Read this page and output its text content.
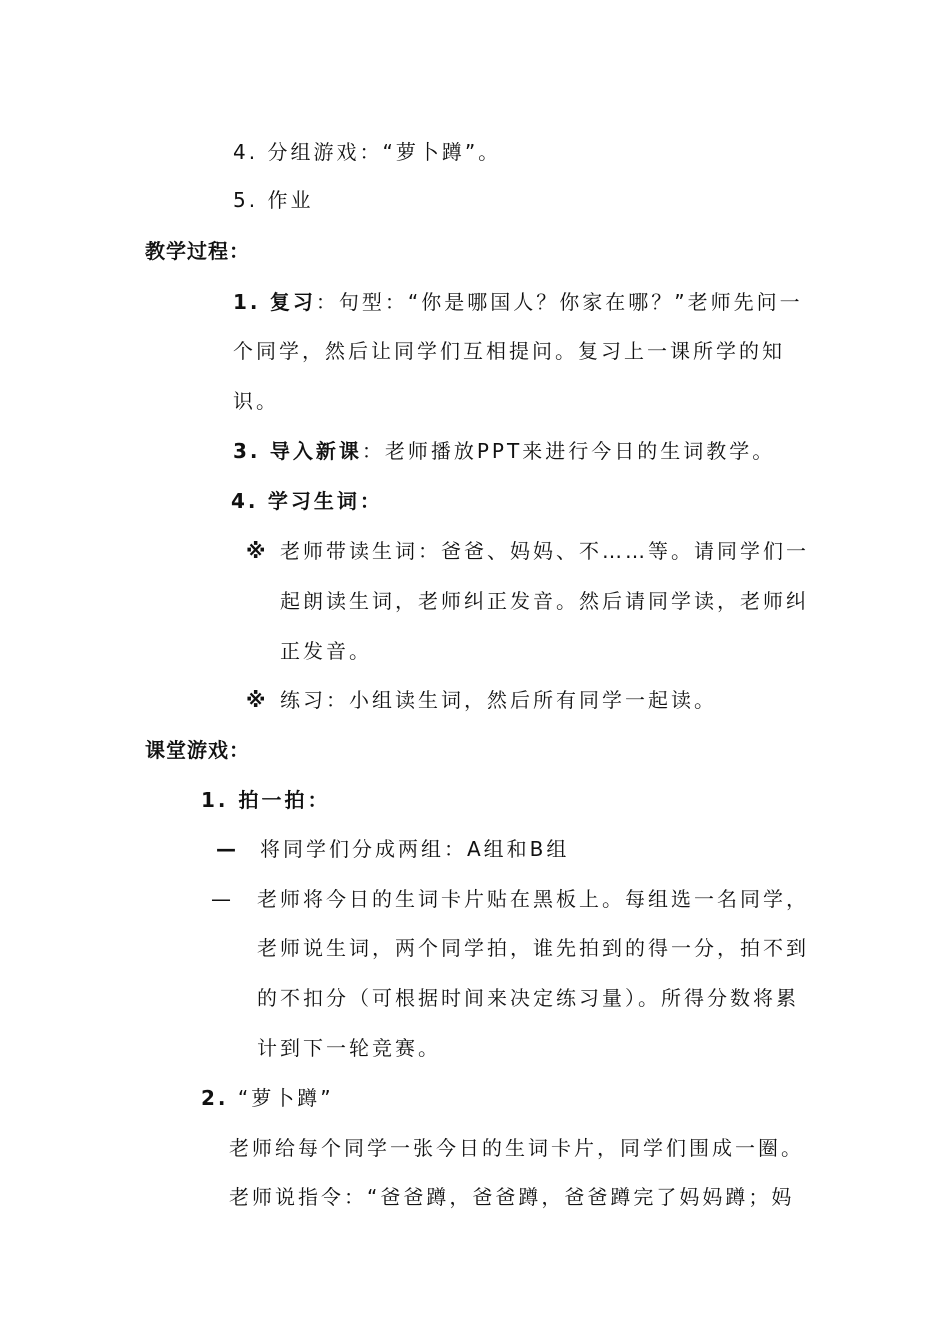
4. 分组游戏：“萝卜蹲”。
5. 作业
教学过程：
1. 复习：句型：“你是哪国人？你家在哪？”老师先问一
个同学，然后让同学们互相提问。复习上一课所学的知
识。
3. 导入新课：老师播放PPT来进行今日的生词教学。
4. 学习生词：
※ 老师带读生词：爸爸、妈妈、不……等。请同学们一
起朗读生词，老师纠正发音。然后请同学读，老师纠
正发音。
※ 练习：小组读生词，然后所有同学一起读。
课堂游戏：
1. 拍一拍：
— 将同学们分成两组：A组和B组
— 老师将今日的生词卡片贴在黑板上。每组选一名同学，
老师说生词，两个同学拍，谁先拍到的得一分，拍不到
的不扣分（可根据时间来决定练习量）。所得分数将累
计到下一轮竞赛。
2. “萝卜蹲”
老师给每个同学一张今日的生词卡片，同学们围成一圈。
老师说指令：“爸爸蹲，爸爸蹲，爸爸蹲完了妈妈蹲；妈
